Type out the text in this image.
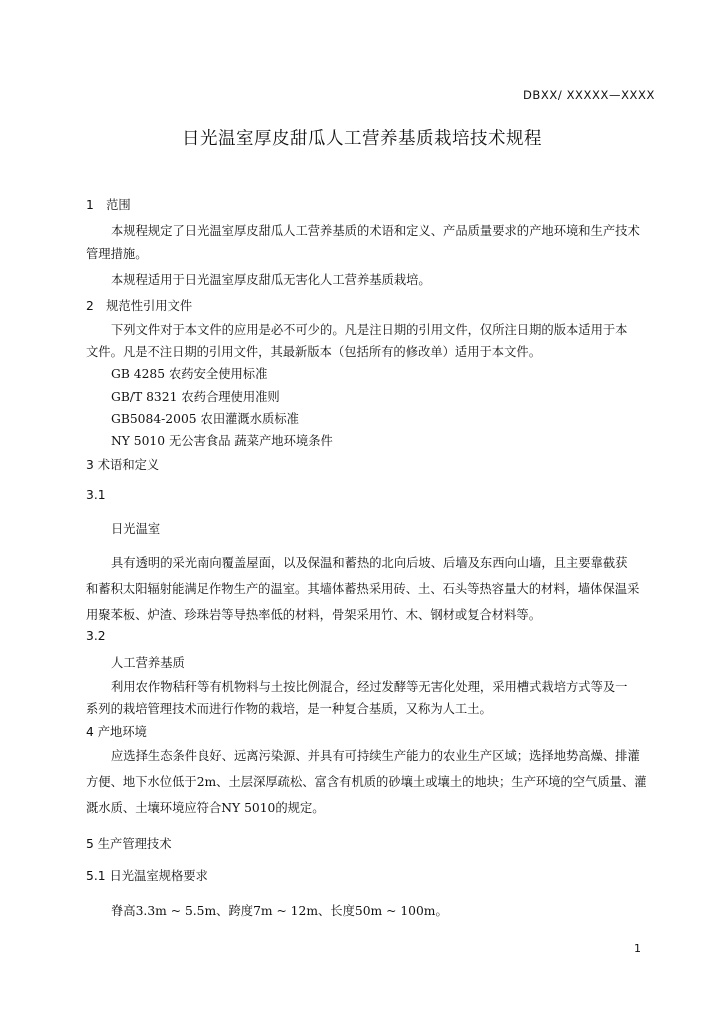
DBXX/ XXXXX—XXXX
日光温室厚皮甜瓜人工营养基质栽培技术规程
1　范围
本规程规定了日光温室厚皮甜瓜人工营养基质的术语和定义、产品质量要求的产地环境和生产技术
管理措施。
本规程适用于日光温室厚皮甜瓜无害化人工营养基质栽培。
2　规范性引用文件
下列文件对于本文件的应用是必不可少的。凡是注日期的引用文件，仅所注日期的版本适用于本
文件。凡是不注日期的引用文件，其最新版本（包括所有的修改单）适用于本文件。
GB 4285 农药安全使用标准
GB/T 8321 农药合理使用准则
GB5084-2005 农田灌溉水质标准
NY 5010 无公害食品 蔬菜产地环境条件
3 术语和定义
3.1
日光温室
具有透明的采光南向覆盖屋面，以及保温和蓄热的北向后坡、后墙及东西向山墙，且主要靠截获
和蓄积太阳辐射能满足作物生产的温室。其墙体蓄热采用砖、土、石头等热容量大的材料，墙体保温采
用聚苯板、炉渣、珍珠岩等导热率低的材料，骨架采用竹、木、钢材或复合材料等。
3.2
人工营养基质
利用农作物秸秆等有机物料与土按比例混合，经过发酵等无害化处理，采用槽式栽培方式等及一
系列的栽培管理技术而进行作物的栽培，是一种复合基质，又称为人工土。
4 产地环境
应选择生态条件良好、远离污染源、并具有可持续生产能力的农业生产区域；选择地势高燥、排灌
方便、地下水位低于2m、土层深厚疏松、富含有机质的砂壤土或壤土的地块；生产环境的空气质量、灌
溉水质、土壤环境应符合NY 5010的规定。
5 生产管理技术
5.1 日光温室规格要求
脊高3.3m ~ 5.5m、跨度7m ~ 12m、长度50m ~ 100m。
1
